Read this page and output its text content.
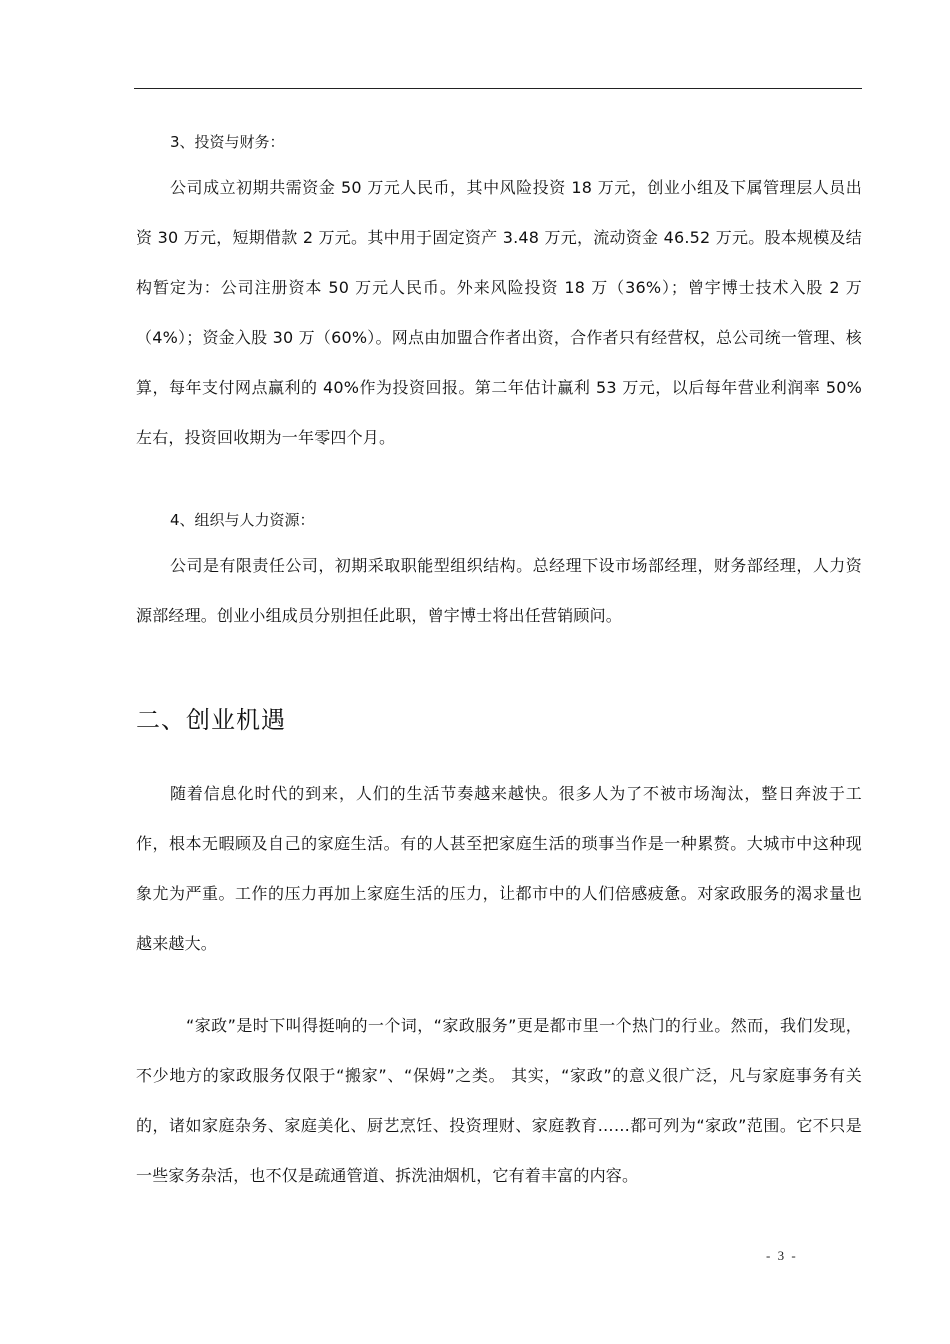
3、投资与财务：
公司成立初期共需资金 50 万元人民币，其中风险投资 18 万元，创业小组及下属管理层人员出资 30 万元，短期借款 2 万元。其中用于固定资产 3.48 万元，流动资金 46.52 万元。股本规模及结构暂定为：公司注册资本 50 万元人民币。外来风险投资 18 万（36%）；曾宇博士技术入股 2 万（4%）；资金入股 30 万（60%）。网点由加盟合作者出资，合作者只有经营权，总公司统一管理、核算，每年支付网点赢利的 40%作为投资回报。第二年估计赢利 53 万元，以后每年营业利润率 50%左右，投资回收期为一年零四个月。
4、组织与人力资源：
公司是有限责任公司，初期采取职能型组织结构。总经理下设市场部经理，财务部经理，人力资源部经理。创业小组成员分别担任此职，曾宇博士将出任营销顾问。
二、创业机遇
随着信息化时代的到来，人们的生活节奏越来越快。很多人为了不被市场淘汰，整日奔波于工作，根本无暇顾及自己的家庭生活。有的人甚至把家庭生活的琐事当作是一种累赘。大城市中这种现象尤为严重。工作的压力再加上家庭生活的压力，让都市中的人们倍感疲惫。对家政服务的渴求量也越来越大。
“家政”是时下叫得挺响的一个词，“家政服务”更是都市里一个热门的行业。然而，我们发现，不少地方的家政服务仅限于“搬家”、“保姆”之类。 其实，“家政”的意义很广泛，凡与家庭事务有关的，诸如家庭杂务、家庭美化、厨艺烹饪、投资理财、家庭教育……都可列为“家政”范围。它不只是一些家务杂活，也不仅是疏通管道、拆洗油烟机，它有着丰富的内容。
- 3 -
